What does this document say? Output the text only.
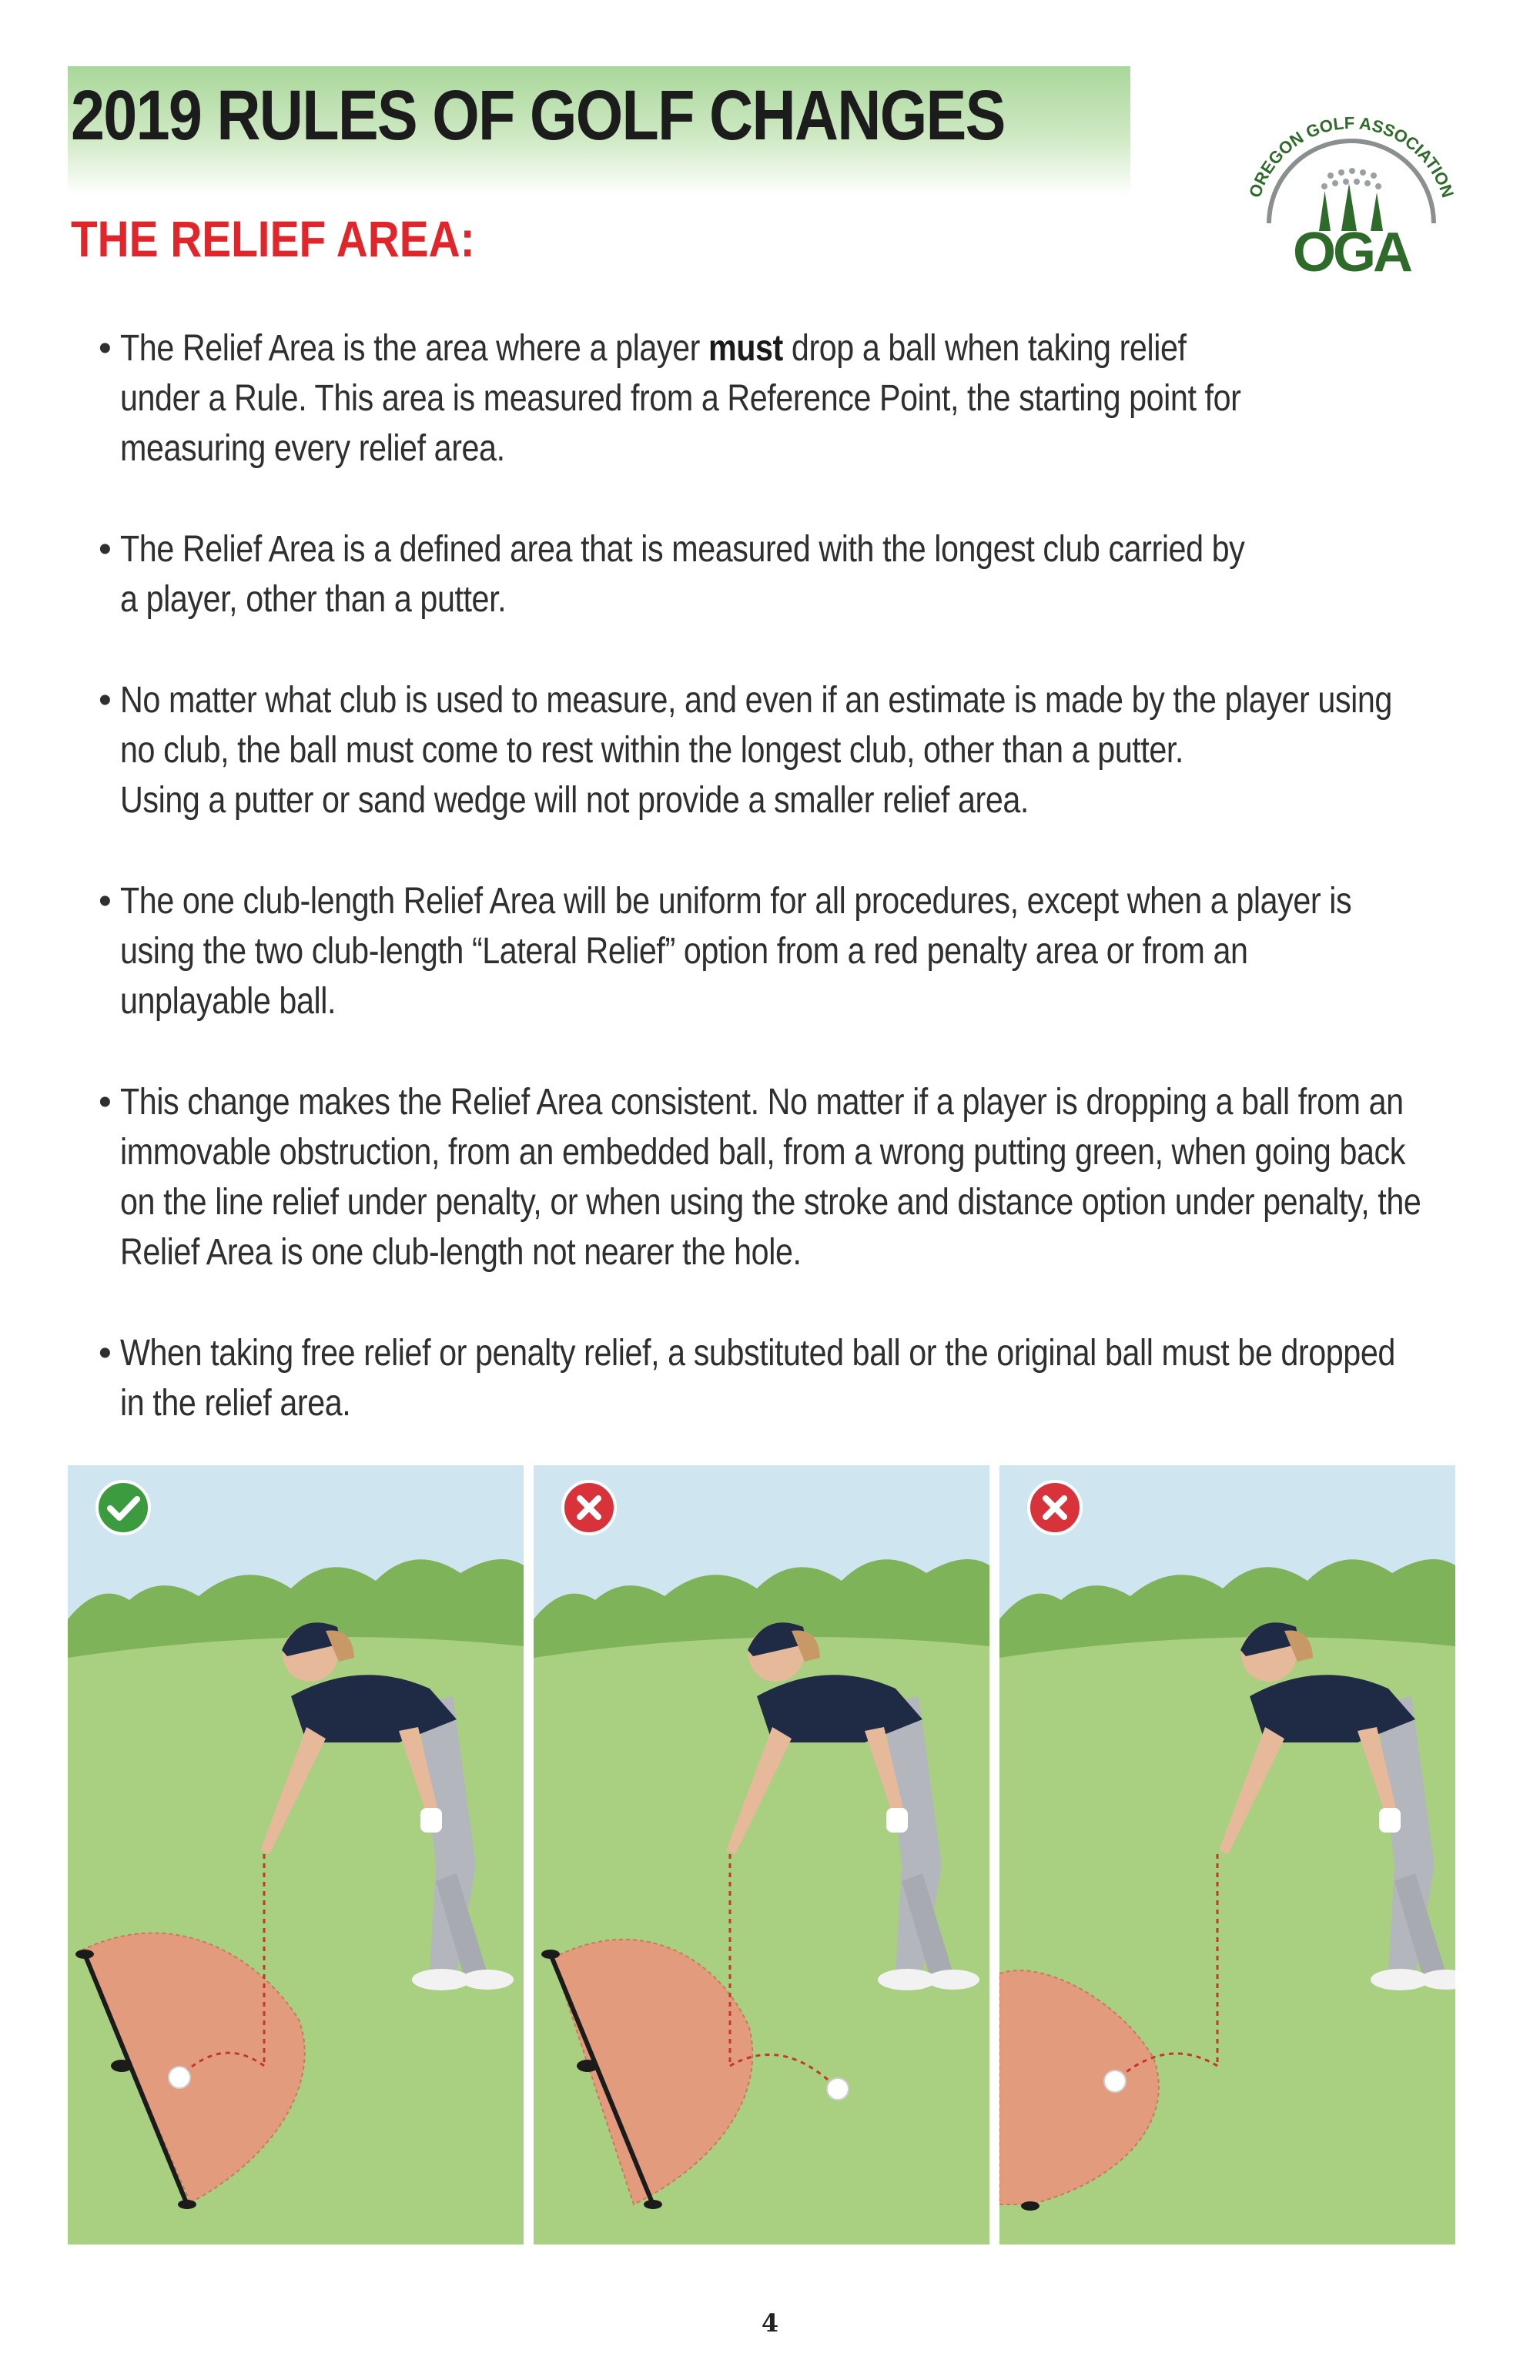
2019 RULES OF GOLF CHANGES
THE RELIEF AREA:
OREGON GOLF ASSOCIATION
OGA
• The Relief Area is the area where a player must drop a ball when taking relief
under a Rule. This area is measured from a Reference Point, the starting point for
measuring every relief area.
• The Relief Area is a defined area that is measured with the longest club carried by
a player, other than a putter.
• No matter what club is used to measure, and even if an estimate is made by the player using
no club, the ball must come to rest within the longest club, other than a putter.
Using a putter or sand wedge will not provide a smaller relief area.
• The one club-length Relief Area will be uniform for all procedures, except when a player is
using the two club-length “Lateral Relief” option from a red penalty area or from an
unplayable ball.
• This change makes the Relief Area consistent. No matter if a player is dropping a ball from an
immovable obstruction, from an embedded ball, from a wrong putting green, when going back
on the line relief under penalty, or when using the stroke and distance option under penalty, the
Relief Area is one club-length not nearer the hole.
• When taking free relief or penalty relief, a substituted ball or the original ball must be dropped
in the relief area.
4
